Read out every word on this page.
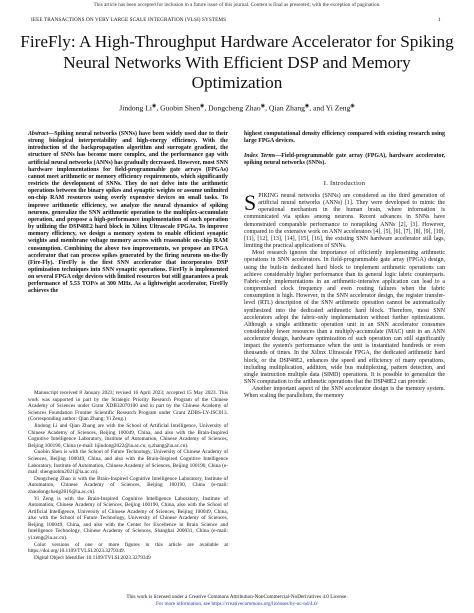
This article has been accepted for inclusion in a future issue of this journal. Content is final as presented, with the exception of pagination.
IEEE TRANSACTIONS ON VERY LARGE SCALE INTEGRATION (VLSI) SYSTEMS	1
FireFly: A High-Throughput Hardware Accelerator for Spiking Neural Networks With Efficient DSP and Memory Optimization
Jindong Li◉, Guobin Shen◉, Dongcheng Zhao◉, Qian Zhang◉, and Yi Zeng◉
Abstract—Spiking neural networks (SNNs) have been widely used due to their strong biological interpretability and high-energy efficiency. With the introduction of the backpropagation algorithm and surrogate gradient, the structure of SNNs has become more complex, and the performance gap with artificial neural networks (ANNs) has gradually decreased. However, most SNN hardware implementations for field-programmable gate arrays (FPGAs) cannot meet arithmetic or memory efficiency requirements, which significantly restricts the development of SNNs. They do not delve into the arithmetic operations between the binary spikes and synaptic weights or assume unlimited on-chip RAM resources using overly expensive devices on small tasks. To improve arithmetic efficiency, we analyze the neural dynamics of spiking neurons, generalize the SNN arithmetic operation to the multiplex-accumulate operation, and propose a high-performance implementation of such operation by utilizing the DSP48E2 hard block in Xilinx Ultrascale FPGAs. To improve memory efficiency, we design a memory system to enable efficient synaptic weights and membrane voltage memory access with reasonable on-chip RAM consumption. Combining the above two improvements, we propose an FPGA accelerator that can process spikes generated by the firing neurons on-the-fly (Fire-Fly). FireFly is the first SNN accelerator that incorporates DSP optimization techniques into SNN synaptic operations. FireFly is implemented on several FPGA edge devices with limited resources but still guarantees a peak performance of 5.53 TOP/s at 300 MHz. As a lightweight accelerator, FireFly achieves the

Manuscript received 8 January 2023; revised 16 April 2023; accepted 15 May 2023. This work was supported in part by the Strategic Priority Research Program of the Chinese Academy of Sciences under Grant XDB32070100 and in part by the Chinese Academy of Sciences Foundation Frontier Scientific Research Program under Grant ZDBS-LY-JSC013. (Corresponding author: Qian Zhang; Yi Zeng.)

Jindong Li and Qian Zhang are with the School of Artificial Intelligence, University of Chinese Academy of Sciences, Beijing 100049, China, and also with the Brain-Inspired Cognitive Intelligence Laboratory, Institute of Automation, Chinese Academy of Sciences, Beijing 100190, China (e-mail: lijindong2022@ia.ac.cn; q.zhang@ia.ac.cn).

Guobin Shen is with the School of Future Technology, University of Chinese Academy of Sciences, Beijing 100049, China, and also with the Brain-Inspired Cognitive Intelligence Laboratory, Institute of Automation, Chinese Academy of Sciences, Beijing 100190, China (e-mail: shenguobin2021@ia.ac.cn).

Dongcheng Zhao is with the Brain-Inspired Cognitive Intelligence Laboratory, Institute of Automation, Chinese Academy of Sciences, Beijing 100190, China (e-mail: zhaodongcheng2016@ia.ac.cn).

Yi Zeng is with the Brain-Inspired Cognitive Intelligence Laboratory, Institute of Automation, Chinese Academy of Sciences, Beijing 100190, China, also with the School of Artificial Intelligence, University of Chinese Academy of Sciences, Beijing 100049, China, also with the School of Future Technology, University of Chinese Academy of Sciences, Beijing 100049, China, and also with the Center for Excellence in Brain Science and Intelligence Technology, Chinese Academy of Sciences, Shanghai 200031, China (e-mail: yi.zeng@ia.ac.cn).

Color versions of one or more figures in this article are available at https://doi.org/10.1109/TVLSI.2023.3279349.

Digital Object Identifier 10.1109/TVLSI.2023.3279349

highest computational density efficiency compared with existing research using large FPGA devices.
Index Terms—Field-programmable gate array (FPGA), hardware accelerator, spiking neural networks (SNNs).
I. Introduction

SPIKING neural networks (SNNs) are considered as the third generation of artificial neural networks (ANNs) [1]. They were developed to mimic the operational mechanism in the human brain, where information is communicated via spikes among neurons. Recent advances in SNNs have demonstrated comparable performance to nonspiking ANNs [2], [3]. However, compared to the extensive work on ANN accelerators [4], [5], [6], [7], [8], [9], [10], [11], [12], [13], [14], [15], [16], the existing SNN hardware accelerator still lags, limiting the practical applications of SNNs.

Most research ignores the importance of efficiently implementing arithmetic operations in SNN accelerators. In field-programmable gate array (FPGA) design, using the built-in dedicated hard block to implement arithmetic operations can achieve considerably higher performance than its general logic fabric counterparts. Fabric-only implementations in an arithmetic-intensive application can lead to a compromised clock frequency and even routing failures when the fabric consumption is high. However, in the SNN accelerator design, the register transfer-level (RTL) description of the SNN arithmetic operation cannot be automatically synthesized into the dedicated arithmetic hard block. Therefore, most SNN accelerators adopt the fabric-only implementation without further optimizations. Although a single arithmetic operation unit in an SNN accelerator consumes considerably fewer resources than a multiply-accumulate (MAC) unit in an ANN accelerator design, hardware optimization of such operation can still significantly impact the system's performance when the unit is instantiated hundreds or even thousands of times. In the Xilinx Ultrascale FPGA, the dedicated arithmetic hard block, or the DSP48E2, enhances the speed and efficiency of many operations, including multiplication, addition, wide bus multiplexing, pattern detection, and single instruction multiple data (SIMD) operations. It is possible to generalize the SNN computation to the arithmetic operations that the DSP48E2 can provide.

Another important aspect of the SNN accelerator design is the memory system. When scaling the parallelism, the memory

This work is licensed under a Creative Commons Attribution-NonCommercial-NoDerivatives 4.0 License.
For more information, see https://creativecommons.org/licenses/by-nc-nd/4.0/
